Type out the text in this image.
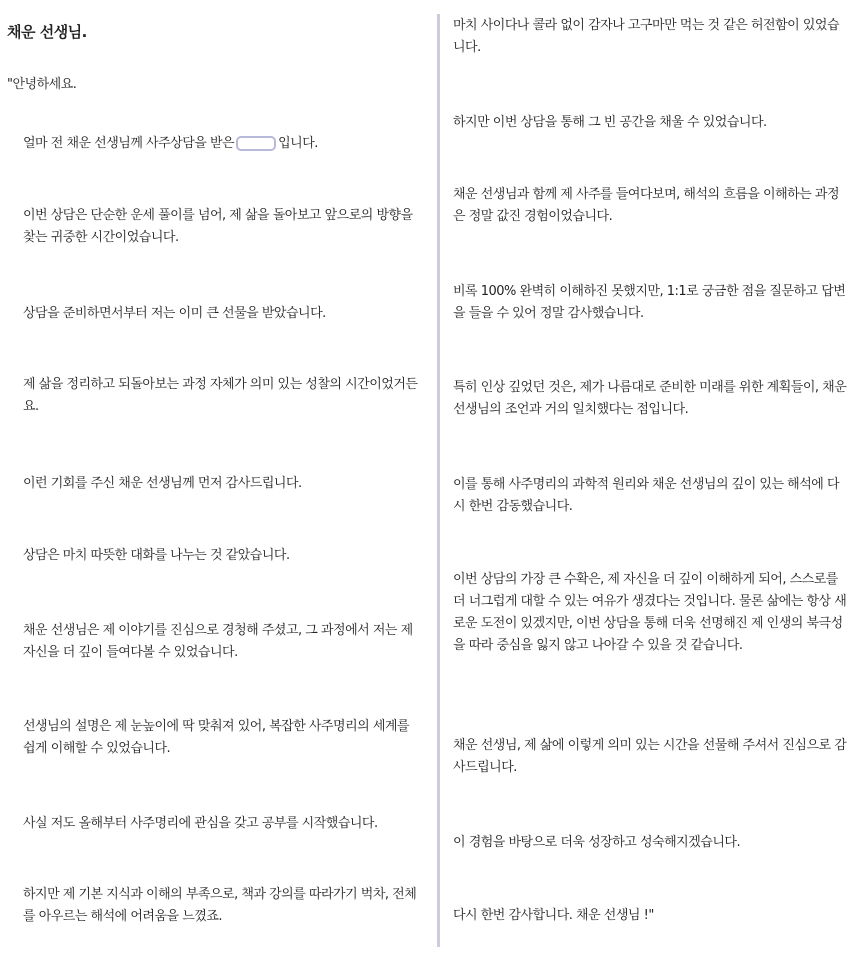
채운 선생님.
"안녕하세요.

얼마 전 채운 선생님께 사주상담을 받은	입니다.

이번 상담은 단순한 운세 풀이를 넘어, 제 삶을 돌아보고 앞으로의 방향을 찾는 귀중한 시간이었습니다.

상담을 준비하면서부터 저는 이미 큰 선물을 받았습니다.

제 삶을 정리하고 되돌아보는 과정 자체가 의미 있는 성찰의 시간이었거든요.

이런 기회를 주신 채운 선생님께 먼저 감사드립니다.

상담은 마치 따뜻한 대화를 나누는 것 같았습니다.

채운 선생님은 제 이야기를 진심으로 경청해 주셨고, 그 과정에서 저는 제 자신을 더 깊이 들여다볼 수 있었습니다.

선생님의 설명은 제 눈높이에 딱 맞춰져 있어, 복잡한 사주명리의 세계를 쉽게 이해할 수 있었습니다.

사실 저도 올해부터 사주명리에 관심을 갖고 공부를 시작했습니다.

하지만 제 기본 지식과 이해의 부족으로, 책과 강의를 따라가기 벅차, 전체를 아우르는 해석에 어려움을 느꼈죠.

마치 사이다나 콜라 없이 감자나 고구마만 먹는 것 같은 허전함이 있었습니다.

하지만 이번 상담을 통해 그 빈 공간을 채울 수 있었습니다.

채운 선생님과 함께 제 사주를 들여다보며, 해석의 흐름을 이해하는 과정은 정말 값진 경험이었습니다.

비록 100% 완벽히 이해하진 못했지만, 1:1로 궁금한 점을 질문하고 답변을 들을 수 있어 정말 감사했습니다.

특히 인상 깊었던 것은, 제가 나름대로 준비한 미래를 위한 계획들이, 채운 선생님의 조언과 거의 일치했다는 점입니다.

이를 통해 사주명리의 과학적 원리와 채운 선생님의 깊이 있는 해석에 다시 한번 감동했습니다.

이번 상담의 가장 큰 수확은, 제 자신을 더 깊이 이해하게 되어, 스스로를 더 너그럽게 대할 수 있는 여유가 생겼다는 것입니다. 물론 삶에는 항상 새로운 도전이 있겠지만, 이번 상담을 통해 더욱 선명해진 제 인생의 북극성을 따라 중심을 잃지 않고 나아갈 수 있을 것 같습니다.

채운 선생님, 제 삶에 이렇게 의미 있는 시간을 선물해 주셔서 진심으로 감사드립니다.

이 경험을 바탕으로 더욱 성장하고 성숙해지겠습니다.

다시 한번 감사합니다. 채운 선생님 !"
